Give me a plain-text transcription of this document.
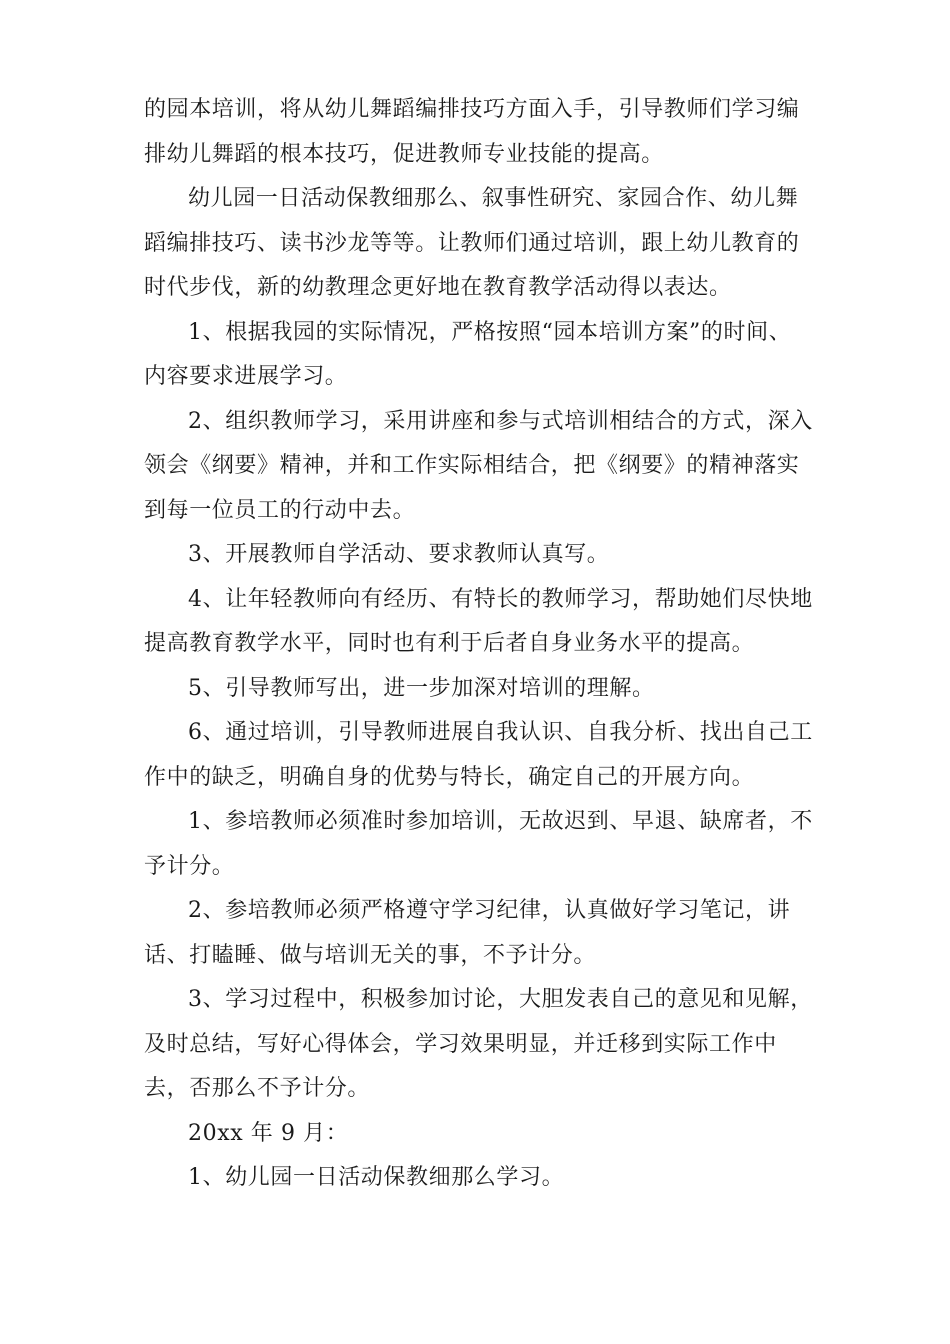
的园本培训，将从幼儿舞蹈编排技巧方面入手，引导教师们学习编
排幼儿舞蹈的根本技巧，促进教师专业技能的提高。

幼儿园一日活动保教细那么、叙事性研究、家园合作、幼儿舞
蹈编排技巧、读书沙龙等等。让教师们通过培训，跟上幼儿教育的
时代步伐，新的幼教理念更好地在教育教学活动得以表达。

1、根据我园的实际情况，严格按照“园本培训方案”的时间、
内容要求进展学习。

2、组织教师学习，采用讲座和参与式培训相结合的方式，深入
领会《纲要》精神，并和工作实际相结合，把《纲要》的精神落实
到每一位员工的行动中去。

3、开展教师自学活动、要求教师认真写。

4、让年轻教师向有经历、有特长的教师学习，帮助她们尽快地
提高教育教学水平，同时也有利于后者自身业务水平的提高。

5、引导教师写出，进一步加深对培训的理解。

6、通过培训，引导教师进展自我认识、自我分析、找出自己工
作中的缺乏，明确自身的优势与特长，确定自己的开展方向。

1、参培教师必须准时参加培训，无故迟到、早退、缺席者，不
予计分。

2、参培教师必须严格遵守学习纪律，认真做好学习笔记，讲
话、打瞌睡、做与培训无关的事，不予计分。

3、学习过程中，积极参加讨论，大胆发表自己的意见和见解，
及时总结，写好心得体会，学习效果明显，并迁移到实际工作中
去，否那么不予计分。

20xx 年 9 月：

1、幼儿园一日活动保教细那么学习。
